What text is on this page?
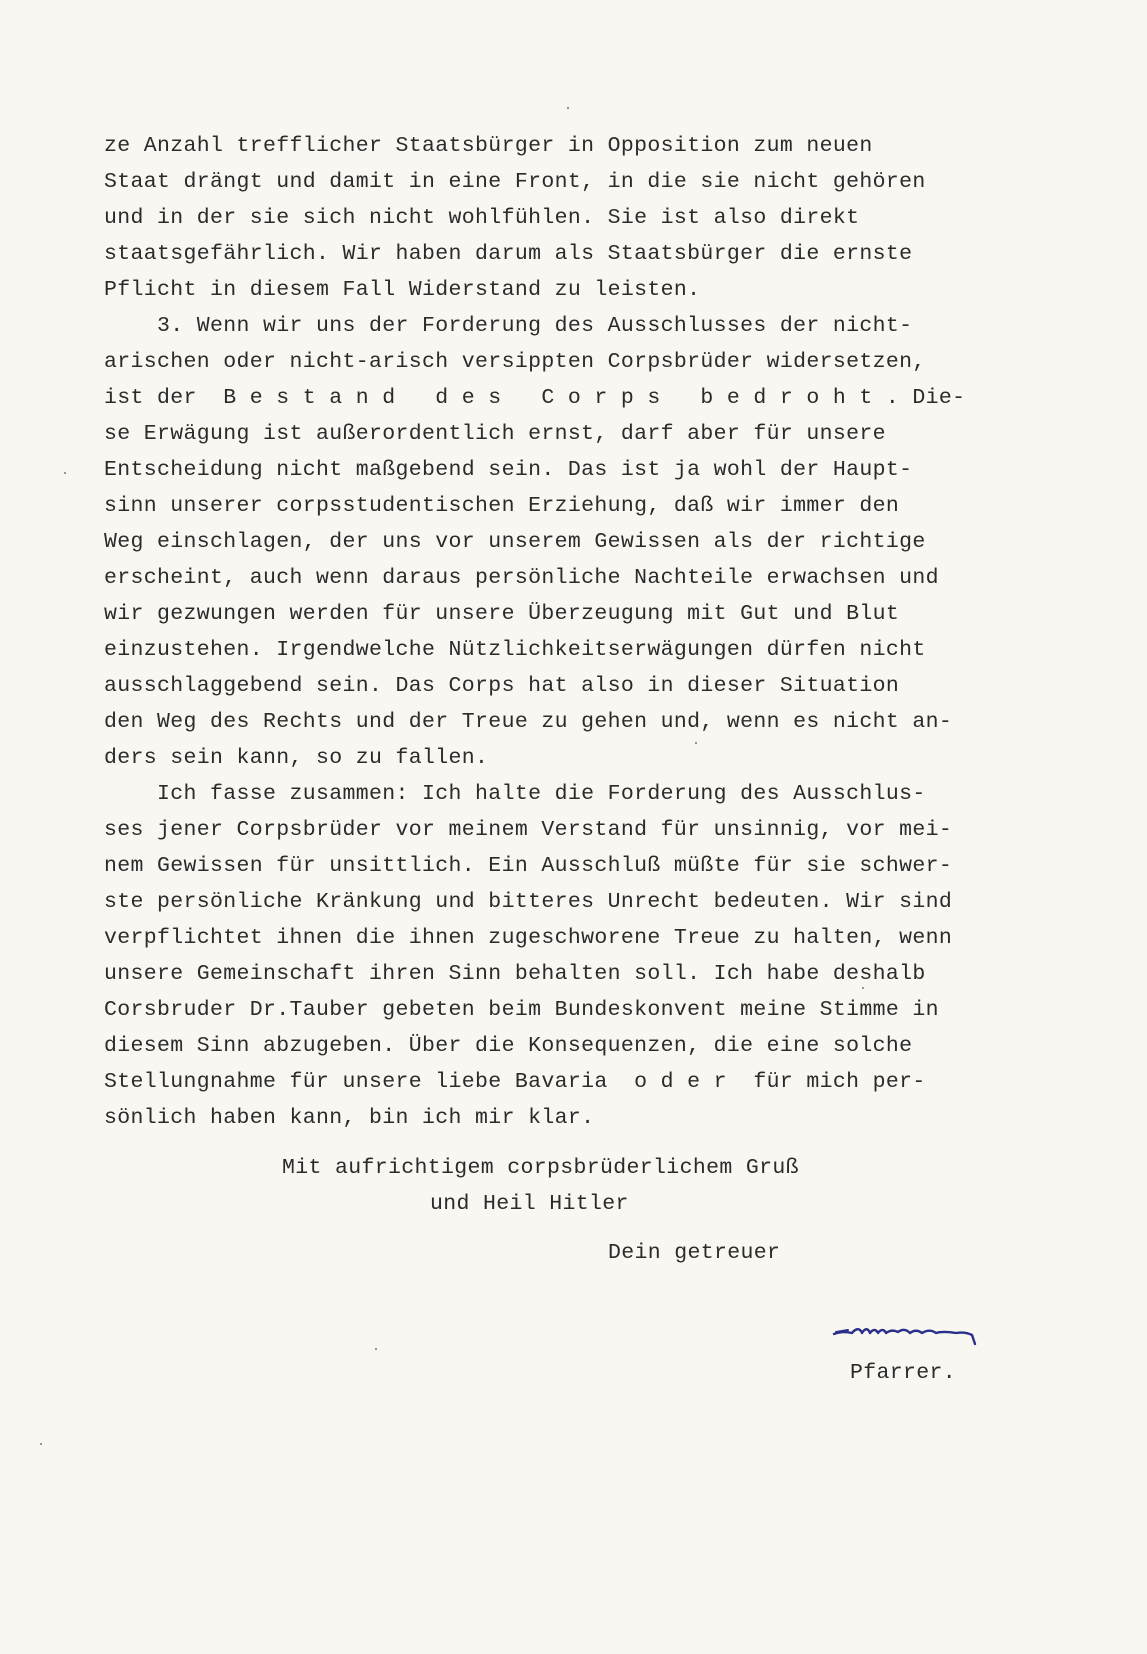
ze Anzahl trefflicher Staatsbürger in Opposition zum neuen
Staat drängt und damit in eine Front, in die sie nicht gehören
und in der sie sich nicht wohlfühlen. Sie ist also direkt
staatsgefährlich. Wir haben darum als Staatsbürger die ernste
Pflicht in diesem Fall Widerstand zu leisten.
3. Wenn wir uns der Forderung des Ausschlusses der nicht-
arischen oder nicht-arisch versippten Corpsbrüder widersetzen,
ist der  B e s t a n d   d e s   C o r p s   b e d r o h t . Die-
se Erwägung ist außerordentlich ernst, darf aber für unsere
Entscheidung nicht maßgebend sein. Das ist ja wohl der Haupt-
sinn unserer corpsstudentischen Erziehung, daß wir immer den
Weg einschlagen, der uns vor unserem Gewissen als der richtige
erscheint, auch wenn daraus persönliche Nachteile erwachsen und
wir gezwungen werden für unsere Überzeugung mit Gut und Blut
einzustehen. Irgendwelche Nützlichkeitserwägungen dürfen nicht
ausschlaggebend sein. Das Corps hat also in dieser Situation
den Weg des Rechts und der Treue zu gehen und, wenn es nicht an-
ders sein kann, so zu fallen.
Ich fasse zusammen: Ich halte die Forderung des Ausschlus-
ses jener Corpsbrüder vor meinem Verstand für unsinnig, vor mei-
nem Gewissen für unsittlich. Ein Ausschluß müßte für sie schwer-
ste persönliche Kränkung und bitteres Unrecht bedeuten. Wir sind
verpflichtet ihnen die ihnen zugeschworene Treue zu halten, wenn
unsere Gemeinschaft ihren Sinn behalten soll. Ich habe deshalb
Corsbruder Dr.Tauber gebeten beim Bundeskonvent meine Stimme in
diesem Sinn abzugeben. Über die Konsequenzen, die eine solche
Stellungnahme für unsere liebe Bavaria  o d e r  für mich per-
sönlich haben kann, bin ich mir klar.
Mit aufrichtigem corpsbrüderlichem Gruß
und Heil Hitler
Dein getreuer
Pfarrer.
